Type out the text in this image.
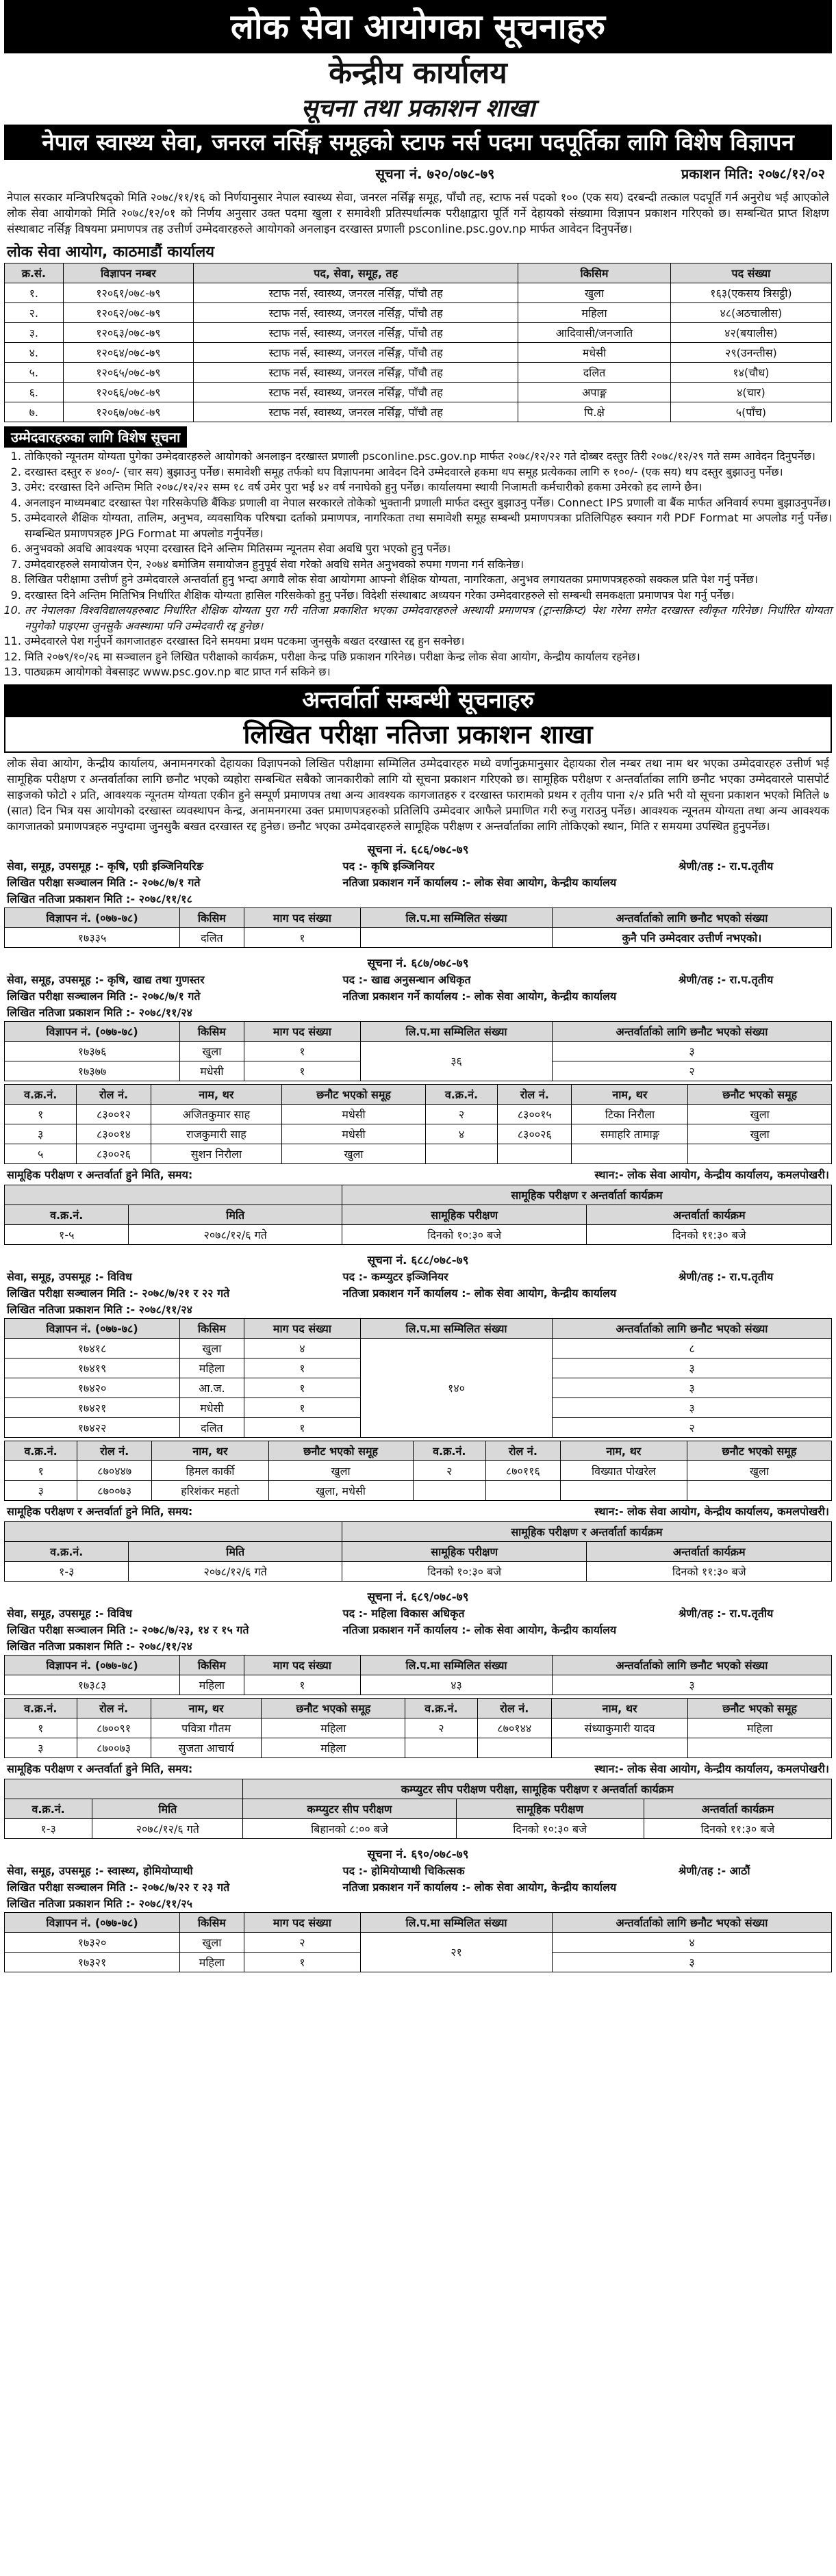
लोक सेवा आयोगका सूचनाहरु
केन्द्रीय कार्यालय
सूचना तथा प्रकाशन शाखा
नेपाल स्वास्थ्य सेवा, जनरल नर्सिङ्ग समूहको स्टाफ नर्स पदमा पदपूर्तिका लागि विशेष विज्ञापन
सूचना नं. ७२०/०७८-७९	प्रकाशन मिति: २०७८/१२/०२

नेपाल सरकार मन्त्रिपरिषद्को मिति २०७८/११/१६ को निर्णयानुसार नेपाल स्वास्थ्य सेवा, जनरल नर्सिङ्ग समूह, पाँचौ तह, स्टाफ नर्स पदको १०० (एक सय) दरबन्दी तत्काल पदपूर्ति गर्न अनुरोध भई आएकोले लोक सेवा आयोगको मिति २०७८/१२/०१ को निर्णय अनुसार उक्त पदमा खुला र समावेशी प्रतिस्पर्धात्मक परीक्षाद्वारा पूर्ति गर्ने देहायको संख्यामा विज्ञापन प्रकाशन गरिएको छ। सम्बन्धित प्राप्त शिक्षण संस्थाबाट नर्सिङ्ग विषयमा प्रमाणपत्र तह उत्तीर्ण उम्मेदवारहरुले आयोगको अनलाइन दरखास्त प्रणाली psconline.psc.gov.np मार्फत आवेदन दिनुपर्नेछ।

लोक सेवा आयोग, काठमाडौं कार्यालय
क्र.सं.	विज्ञापन नम्बर	पद, सेवा, समूह, तह	किसिम	पद संख्या
१.	१२०६१/०७८-७९	स्टाफ नर्स, स्वास्थ्य, जनरल नर्सिङ्ग, पाँचौ तह	खुला	१६३(एकसय त्रिसट्ठी)
२.	१२०६२/०७८-७९	स्टाफ नर्स, स्वास्थ्य, जनरल नर्सिङ्ग, पाँचौ तह	महिला	४८(अठचालीस)
३.	१२०६३/०७८-७९	स्टाफ नर्स, स्वास्थ्य, जनरल नर्सिङ्ग, पाँचौ तह	आदिवासी/जनजाति	४२(बयालीस)
४.	१२०६४/०७८-७९	स्टाफ नर्स, स्वास्थ्य, जनरल नर्सिङ्ग, पाँचौ तह	मधेसी	२९(उनन्तीस)
५.	१२०६५/०७८-७९	स्टाफ नर्स, स्वास्थ्य, जनरल नर्सिङ्ग, पाँचौ तह	दलित	१४(चौध)
६.	१२०६६/०७८-७९	स्टाफ नर्स, स्वास्थ्य, जनरल नर्सिङ्ग, पाँचौ तह	अपाङ्ग	४(चार)
७.	१२०६७/०७८-७९	स्टाफ नर्स, स्वास्थ्य, जनरल नर्सिङ्ग, पाँचौ तह	पि.क्षे	५(पाँच)
उम्मेदवारहरुका लागि विशेष सूचना
1. तोकिएको न्यूनतम योग्यता पुगेका उम्मेदवारहरुले आयोगको अनलाइन दरखास्त प्रणाली psconline.psc.gov.np मार्फत २०७८/१२/२२ गते दोब्बर दस्तुर तिरी २०७८/१२/२९ गते सम्म आवेदन दिनुपर्नेछ।
2. दरखास्त दस्तुर रु ४००/- (चार सय) बुझाउनु पर्नेछ। समावेशी समूह तर्फको थप विज्ञापनमा आवेदन दिने उम्मेदवारले हकमा थप समूह प्रत्येकका लागि रु १००/- (एक सय) थप दस्तुर बुझाउनु पर्नेछ।
3. उमेर: दरखास्त दिने अन्तिम मिति २०७८/१२/२२ सम्म १८ वर्ष उमेर पुरा भई ४२ वर्ष ननाघेको हुनु पर्नेछ। कार्यालयमा स्थायी निजामती कर्मचारीको हकमा उमेरको हद लाग्ने छैन।
4. अनलाइन माध्यमबाट दरखास्त पेश गरिसकेपछि बैंकिङ प्रणाली वा नेपाल सरकारले तोकेको भुक्तानी प्रणाली मार्फत दस्तुर बुझाउनु पर्नेछ। Connect IPS प्रणाली वा बैंक मार्फत अनिवार्य रुपमा बुझाउनुपर्नेछ।
5. उम्मेदवारले शैक्षिक योग्यता, तालिम, अनुभव, व्यवसायिक परिषद्मा दर्ताको प्रमाणपत्र, नागरिकता तथा समावेशी समूह सम्बन्धी प्रमाणपत्रका प्रतिलिपिहरु स्क्यान गरी PDF Format मा अपलोड गर्नु पर्नेछ। सम्बन्धित प्रमाणपत्रहरु JPG Format मा अपलोड गर्नुपर्नेछ।
6. अनुभवको अवधि आवश्यक भएमा दरखास्त दिने अन्तिम मितिसम्म न्यूनतम सेवा अवधि पुरा भएको हुनु पर्नेछ।
7. उम्मेदवारहरुले समायोजन ऐन, २०७४ बमोजिम समायोजन हुनुपूर्व सेवा गरेको अवधि समेत अनुभवको रुपमा गणना गर्न सकिनेछ।
8. लिखित परीक्षामा उत्तीर्ण हुने उम्मेदवारले अन्तर्वार्ता हुनु भन्दा अगावै लोक सेवा आयोगमा आफ्नो शैक्षिक योग्यता, नागरिकता, अनुभव लगायतका प्रमाणपत्रहरुको सक्कल प्रति पेश गर्नु पर्नेछ।
9. दरखास्त दिने अन्तिम मितिभित्र निर्धारित शैक्षिक योग्यता हासिल गरिसकेको हुनु पर्नेछ। विदेशी संस्थाबाट अध्ययन गरेका उम्मेदवारहरुले सो सम्बन्धी समकक्षता प्रमाणपत्र पेश गर्नु पर्नेछ।
10. तर नेपालका विश्वविद्यालयहरुबाट निर्धारित शैक्षिक योग्यता पुरा गरी नतिजा प्रकाशित भएका उम्मेदवारहरुले अस्थायी प्रमाणपत्र (ट्रान्सक्रिप्ट) पेश गरेमा समेत दरखास्त स्वीकृत गरिनेछ। निर्धारित योग्यता नपुगेको पाइएमा जुनसुकै अवस्थामा पनि उम्मेदवारी रद्द हुनेछ।
11. उम्मेदवारले पेश गर्नुपर्ने कागजातहरु दरखास्त दिने समयमा प्रथम पटकमा जुनसुकै बखत दरखास्त रद्द हुन सक्नेछ।
12. मिति २०७९/१०/२६ मा सञ्चालन हुने लिखित परीक्षाको कार्यक्रम, परीक्षा केन्द्र पछि प्रकाशन गरिनेछ। परीक्षा केन्द्र लोक सेवा आयोग, केन्द्रीय कार्यालय रहनेछ।
13. पाठ्यक्रम आयोगको वेबसाइट www.psc.gov.np बाट प्राप्त गर्न सकिने छ।
अन्तर्वार्ता सम्बन्धी सूचनाहरु
लिखित परीक्षा नतिजा प्रकाशन शाखा

लोक सेवा आयोग, केन्द्रीय कार्यालय, अनामनगरको देहायका विज्ञापनको लिखित परीक्षामा सम्मिलित उम्मेदवारहरु मध्ये वर्णानुक्रमानुसार देहायका रोल नम्बर तथा नाम थर भएका उम्मेदवारहरु उत्तीर्ण भई सामूहिक परीक्षण र अन्तर्वार्ताका लागि छनौट भएको व्यहोरा सम्बन्धित सबैको जानकारीको लागि यो सूचना प्रकाशन गरिएको छ। सामूहिक परीक्षण र अन्तर्वार्ताका लागि छनौट भएका उम्मेदवारले पासपोर्ट साइजको फोटो २ प्रति, आवश्यक न्यूनतम योग्यता एकीन हुने सम्पूर्ण प्रमाणपत्र तथा अन्य आवश्यक कागजातहरु र दरखास्त फारामको प्रथम र तृतीय पाना २/२ प्रति भरी यो सूचना प्रकाशन भएको मितिले ७ (सात) दिन भित्र यस आयोगको दरखास्त व्यवस्थापन केन्द्र, अनामनगरमा उक्त प्रमाणपत्रहरुको प्रतिलिपि उम्मेदवार आफैले प्रमाणित गरी रुजु गराउनु पर्नेछ। आवश्यक न्यूनतम योग्यता तथा अन्य आवश्यक कागजातको प्रमाणपत्रहरु नपुग्दामा जुनसुकै बखत दरखास्त रद्द हुनेछ। छनौट भएका उम्मेदवारहरुले सामूहिक परीक्षण र अन्तर्वार्ताका लागि तोकिएको स्थान, मिति र समयमा उपस्थित हुनुपर्नेछ।

सूचना नं. ६८६/०७८-७९
सेवा, समूह, उपसमूह :- कृषि, एग्री इञ्जिनियरिङ	पद :- कृषि इञ्जिनियर	श्रेणी/तह :- रा.प.तृतीय
लिखित परीक्षा सञ्चालन मिति :- २०७८/७/१ गते	नतिजा प्रकाशन गर्ने कार्यालय :- लोक सेवा आयोग, केन्द्रीय कार्यालय
लिखित नतिजा प्रकाशन मिति :- २०७८/११/१८
विज्ञापन नं. (०७७-७८)	किसिम	माग पद संख्या	लि.प.मा सम्मिलित संख्या	अन्तर्वार्ताको लागि छनौट भएको संख्या
१७३३५	दलित	१		कुनै पनि उम्मेदवार उत्तीर्ण नभएको।
सूचना नं. ६८७/०७८-७९
सेवा, समूह, उपसमूह :- कृषि, खाद्य तथा गुणस्तर	पद :- खाद्य अनुसन्धान अधिकृत	श्रेणी/तह :- रा.प.तृतीय
लिखित परीक्षा सञ्चालन मिति :- २०७८/७/१ गते	नतिजा प्रकाशन गर्ने कार्यालय :- लोक सेवा आयोग, केन्द्रीय कार्यालय
लिखित नतिजा प्रकाशन मिति :- २०७८/११/२४
विज्ञापन नं. (०७७-७८)	किसिम	माग पद संख्या	लि.प.मा सम्मिलित संख्या	अन्तर्वार्ताको लागि छनौट भएको संख्या
१७३७६	खुला	१	३६	३
१७३७७	मधेसी	१		२
व.क्र.नं.	रोल नं.	नाम, थर	छनौट भएको समूह	व.क्र.नं.	रोल नं.	नाम, थर	छनौट भएको समूह
१	८३००१२	अजितकुमार साह	मधेसी	२	८३००१५	टिका निरौला	खुला
३	८३००१४	राजकुमारी साह	मधेसी	४	८३००२६	समाहरि तामाङ्ग	खुला
५	८३००२६	सुशन निरौला	खुला				
सामूहिक परीक्षण र अन्तर्वार्ता हुने मिति, समय:	स्थान:- लोक सेवा आयोग, केन्द्रीय कार्यालय, कमलपोखरी।
		सामूहिक परीक्षण र अन्तर्वार्ता कार्यक्रम	
व.क्र.नं.	मिति	सामूहिक परीक्षण	अन्तर्वार्ता कार्यक्रम
१-५	२०७८/१२/६ गते	दिनको १०:३० बजे	दिनको ११:३० बजे
सूचना नं. ६८८/०७८-७९
सेवा, समूह, उपसमूह :- विविध	पद :- कम्प्युटर इञ्जिनियर	श्रेणी/तह :- रा.प.तृतीय
लिखित परीक्षा सञ्चालन मिति :- २०७८/७/२१ र २२ गते	नतिजा प्रकाशन गर्ने कार्यालय :- लोक सेवा आयोग, केन्द्रीय कार्यालय
लिखित नतिजा प्रकाशन मिति :- २०७८/११/२४
विज्ञापन नं. (०७७-७८)	किसिम	माग पद संख्या	लि.प.मा सम्मिलित संख्या	अन्तर्वार्ताको लागि छनौट भएको संख्या
१७४१८	खुला	४	१४०	८
१७४१९	महिला	१		३
१७४२०	आ.ज.	१		३
१७४२१	मधेसी	१		३
१७४२२	दलित	१		२
व.क्र.नं.	रोल नं.	नाम, थर	छनौट भएको समूह	व.क्र.नं.	रोल नं.	नाम, थर	छनौट भएको समूह
१	८७०४४७	हिमल कार्की	खुला	२	८७०११६	विख्यात पोखरेल	खुला
३	८७००७३	हरिशंकर महतो	खुला, मधेसी				
सामूहिक परीक्षण र अन्तर्वार्ता हुने मिति, समय:	स्थान:- लोक सेवा आयोग, केन्द्रीय कार्यालय, कमलपोखरी।
		सामूहिक परीक्षण र अन्तर्वार्ता कार्यक्रम	
व.क्र.नं.	मिति	सामूहिक परीक्षण	अन्तर्वार्ता कार्यक्रम
१-३	२०७८/१२/६ गते	दिनको १०:३० बजे	दिनको ११:३० बजे
सूचना नं. ६८९/०७८-७९
सेवा, समूह, उपसमूह :- विविध	पद :- महिला विकास अधिकृत	श्रेणी/तह :- रा.प.तृतीय
लिखित परीक्षा सञ्चालन मिति :- २०७८/७/२३, १४ र १५ गते	नतिजा प्रकाशन गर्ने कार्यालय :- लोक सेवा आयोग, केन्द्रीय कार्यालय
लिखित नतिजा प्रकाशन मिति :- २०७८/११/२४
विज्ञापन नं. (०७७-७८)	किसिम	माग पद संख्या	लि.प.मा सम्मिलित संख्या	अन्तर्वार्ताको लागि छनौट भएको संख्या
१७३८३	महिला	१	४३	३
व.क्र.नं.	रोल नं.	नाम, थर	छनौट भएको समूह	व.क्र.नं.	रोल नं.	नाम, थर	छनौट भएको समूह
१	८७००९१	पवित्रा गौतम	महिला	२	८७०१४४	संध्याकुमारी यादव	महिला
३	८७००७३	सुजता आचार्य	महिला				
सामूहिक परीक्षण र अन्तर्वार्ता हुने मिति, समय:	स्थान:- लोक सेवा आयोग, केन्द्रीय कार्यालय, कमलपोखरी।
		कम्प्युटर सीप परीक्षण परीक्षा, सामूहिक परीक्षण र अन्तर्वार्ता कार्यक्रम		
व.क्र.नं.	मिति	कम्प्युटर सीप परीक्षण	सामूहिक परीक्षण	अन्तर्वार्ता कार्यक्रम
१-३	२०७८/१२/६ गते	बिहानको ८:०० बजे	दिनको १०:३० बजे	दिनको ११:३० बजे
सूचना नं. ६९०/०७८-७९
सेवा, समूह, उपसमूह :- स्वास्थ्य, होमियोप्याथी	पद :- होमियोप्याथी चिकित्सक	श्रेणी/तह :- आठौं
लिखित परीक्षा सञ्चालन मिति :- २०७८/७/२२ र २३ गते	नतिजा प्रकाशन गर्ने कार्यालय :- लोक सेवा आयोग, केन्द्रीय कार्यालय
लिखित नतिजा प्रकाशन मिति :- २०७८/११/२५
विज्ञापन नं. (०७७-७८)	किसिम	माग पद संख्या	लि.प.मा सम्मिलित संख्या	अन्तर्वार्ताको लागि छनौट भएको संख्या
१७३२०	खुला	२	२१	४
१७३२१	महिला	१		३
